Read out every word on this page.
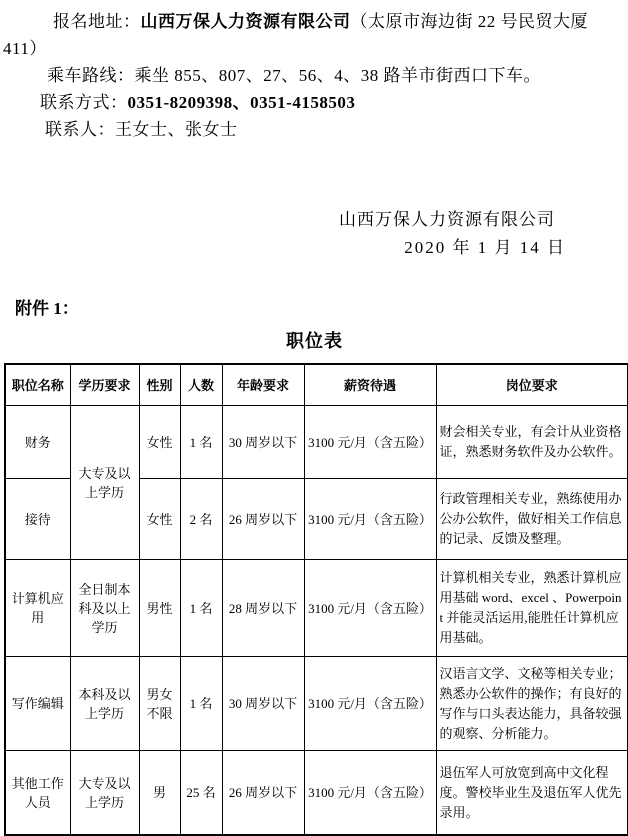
报名地址：山西万保人力资源有限公司（太原市海边街 22 号民贸大厦
411）
乘车路线：乘坐 855、807、27、56、4、38 路羊市街西口下车。
联系方式：0351-8209398、0351-4158503
联系人：王女士、张女士
山西万保人力资源有限公司
2020 年 1 月 14 日
附件 1：
职位表
职位名称	学历要求	性别	人数	年龄要求	薪资待遇	岗位要求
财务	大专及以上学历	女性	1 名	30 周岁以下	3100 元/月（含五险）	财会相关专业，有会计从业资格证，熟悉财务软件及办公软件。
接待		女性	2 名	26 周岁以下	3100 元/月（含五险）	行政管理相关专业，熟练使用办公办公软件，做好相关工作信息的记录、反馈及整理。
计算机应用	全日制本科及以上学历	男性	1 名	28 周岁以下	3100 元/月（含五险）	计算机相关专业，熟悉计算机应用基础 word、excel 、Powerpoint 并能灵活运用,能胜任计算机应用基础。
写作编辑	本科及以上学历	男女不限	1 名	30 周岁以下	3100 元/月（含五险）	汉语言文学、文秘等相关专业；熟悉办公软件的操作；有良好的写作与口头表达能力，具备较强的观察、分析能力。
其他工作人员	大专及以上学历	男	25 名	26 周岁以下	3100 元/月（含五险）	退伍军人可放宽到高中文化程度。警校毕业生及退伍军人优先录用。
